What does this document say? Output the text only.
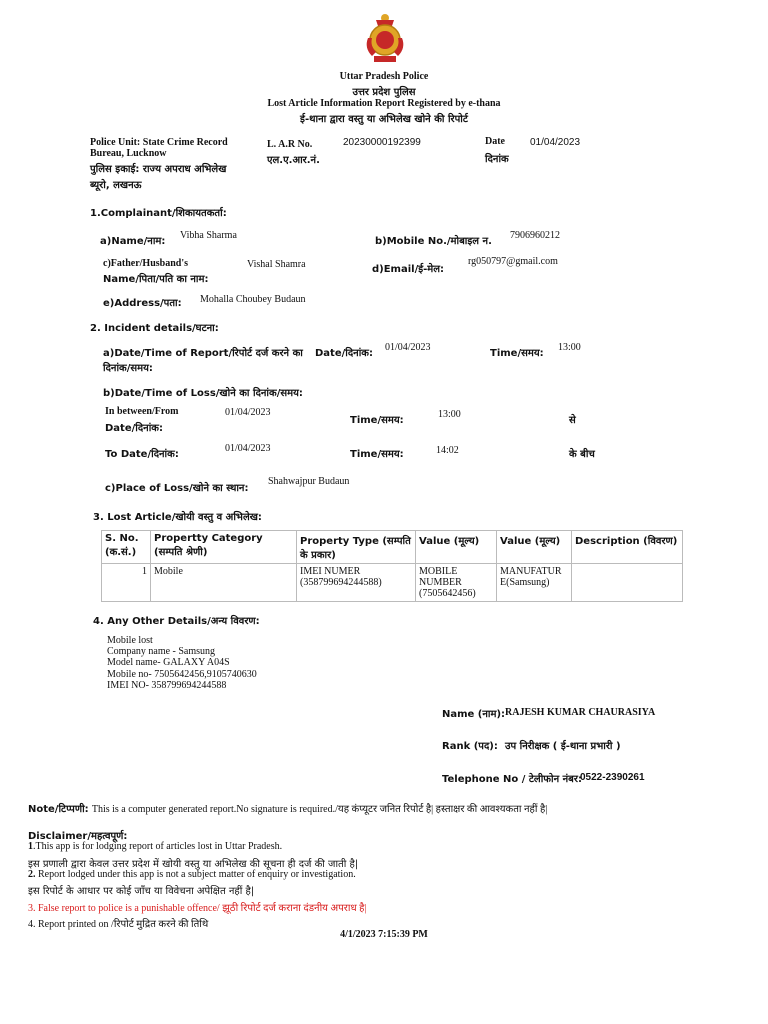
Uttar Pradesh Police
उत्तर प्रदेश पुलिस
Lost Article Information Report Registered by e-thana
ई-थाना द्वारा वस्तु या अभिलेख खोने की रिपोर्ट
Police Unit: State Crime Record
Bureau, Lucknow
पुलिस इकाई: राज्य अपराध अभिलेख
ब्यूरो, लखनऊ
L. A.R No.
एल.ए.आर.नं.
20230000192399	Date
दिनांक
01/04/2023
1.Complainant/शिकायतकर्ता:
a)Name/नाम:
Vibha Sharma
b)Mobile No./मोबाइल न.
7906960212
c)Father/Husband's
Name/पिता/पति का नाम:
Vishal Shamra	d)Email/ई-मेल:
rg050797@gmail.com
e)Address/पता: Mohalla Choubey Budaun
2. Incident details/घटना:
a)Date/Time of Report/रिपोर्ट दर्ज करने का
दिनांक/समय:
Date/दिनांक:
01/04/2023
Time/समय:
13:00
b)Date/Time of Loss/खोने का दिनांक/समय:
In between/From
Date/दिनांक:
01/04/2023
Time/समय:
13:00
से
To Date/दिनांक:
01/04/2023
Time/समय:	14:02	के बीच
c)Place of Loss/खोने का स्थान:
Shahwajpur Budaun
3. Lost Article/खोयी वस्तु व अभिलेख:
S. No. (क.सं.)	Propertty Category (सम्पति श्रेणी)	Property Type (सम्पति के प्रकार)	Value (मूल्य)	Value (मूल्य)	Description (विवरण)
1	Mobile	IMEI NUMER (358799694244588)	MOBILE NUMBER (7505642456)	MANUFATUR E(Samsung)	
4. Any Other Details/अन्य विवरण:
Mobile lost
Company name - Samsung
Model name- GALAXY A04S
Mobile no- 7505642456,9105740630
IMEI NO- 358799694244588
Name (नाम): RAJESH KUMAR CHAURASIYA
Rank (पद): उप निरीक्षक ( ई-थाना प्रभारी )
Telephone No / टेलीफोन नंबर:
0522-2390261
Note/टिप्पणी: This is a computer generated report.No signature is required./यह कंप्यूटर जनित रिपोर्ट है| हस्ताक्षर की आवश्यकता नहीं है|
Disclaimer/महत्वपूर्ण:
1.This app is for lodging report of articles lost in Uttar Pradesh.
इस प्रणाली द्वारा केवल उत्तर प्रदेश में खोयी वस्तु या अभिलेख की सूचना ही दर्ज की जाती है|
2. Report lodged under this app is not a subject matter of enquiry or investigation.
इस रिपोर्ट के आधार पर कोई जाँच या विवेचना अपेक्षित नहीं है|
3. False report to police is a punishable offence/ झूठी रिपोर्ट दर्ज कराना दंडनीय अपराध है|
4. Report printed on /रिपोर्ट मुद्रित करने की तिथि
4/1/2023 7:15:39 PM
